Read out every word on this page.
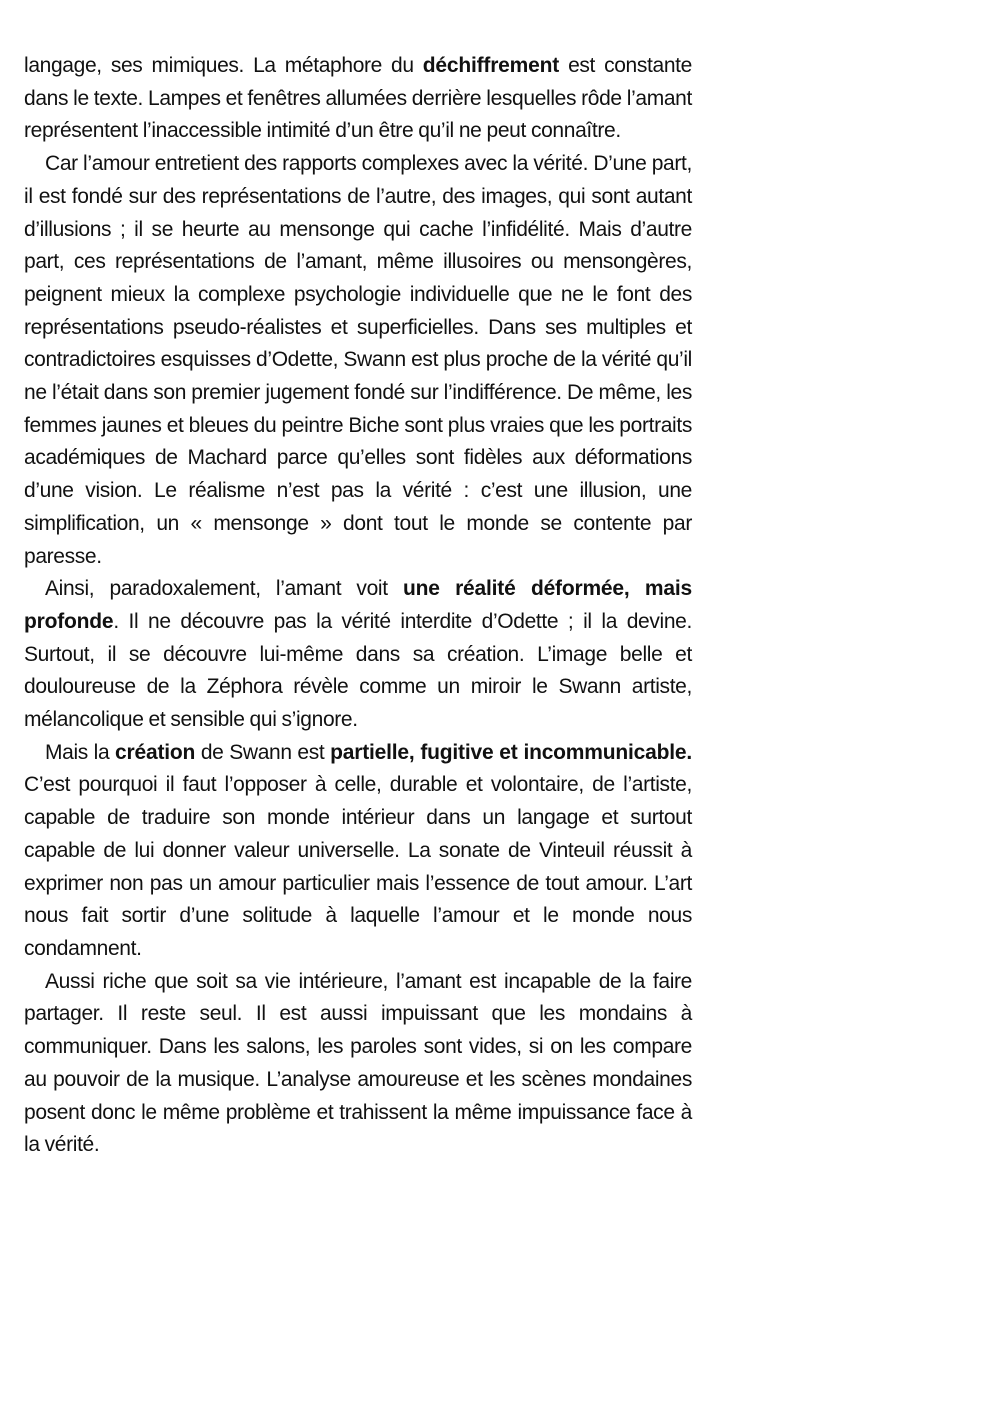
langage, ses mimiques. La métaphore du déchiffrement est constante dans le texte. Lampes et fenêtres allumées derrière lesquelles rôde l’amant représentent l’inaccessible intimité d’un être qu’il ne peut connaître.

Car l’amour entretient des rapports complexes avec la vérité. D’une part, il est fondé sur des représentations de l’autre, des images, qui sont autant d’illusions ; il se heurte au mensonge qui cache l’infidélité. Mais d’autre part, ces représentations de l’amant, même illusoires ou mensongères, peignent mieux la complexe psychologie individuelle que ne le font des représentations pseudo-réalistes et superficielles. Dans ses multiples et contradictoires esquisses d’Odette, Swann est plus proche de la vérité qu’il ne l’était dans son premier jugement fondé sur l’indifférence. De même, les femmes jaunes et bleues du peintre Biche sont plus vraies que les portraits académiques de Machard parce qu’elles sont fidèles aux déformations d’une vision. Le réalisme n’est pas la vérité : c’est une illusion, une simplification, un « mensonge » dont tout le monde se contente par paresse.

Ainsi, paradoxalement, l’amant voit une réalité déformée, mais profonde. Il ne découvre pas la vérité interdite d’Odette ; il la devine. Surtout, il se découvre lui-même dans sa création. L’image belle et douloureuse de la Zéphora révèle comme un miroir le Swann artiste, mélancolique et sensible qui s’ignore.

Mais la création de Swann est partielle, fugitive et incommunicable. C’est pourquoi il faut l’opposer à celle, durable et volontaire, de l’artiste, capable de traduire son monde intérieur dans un langage et surtout capable de lui donner valeur universelle. La sonate de Vinteuil réussit à exprimer non pas un amour particulier mais l’essence de tout amour. L’art nous fait sortir d’une solitude à laquelle l’amour et le monde nous condamnent.

Aussi riche que soit sa vie intérieure, l’amant est incapable de la faire partager. Il reste seul. Il est aussi impuissant que les mondains à communiquer. Dans les salons, les paroles sont vides, si on les compare au pouvoir de la musique. L’analyse amoureuse et les scènes mondaines posent donc le même problème et trahissent la même impuissance face à la vérité.
